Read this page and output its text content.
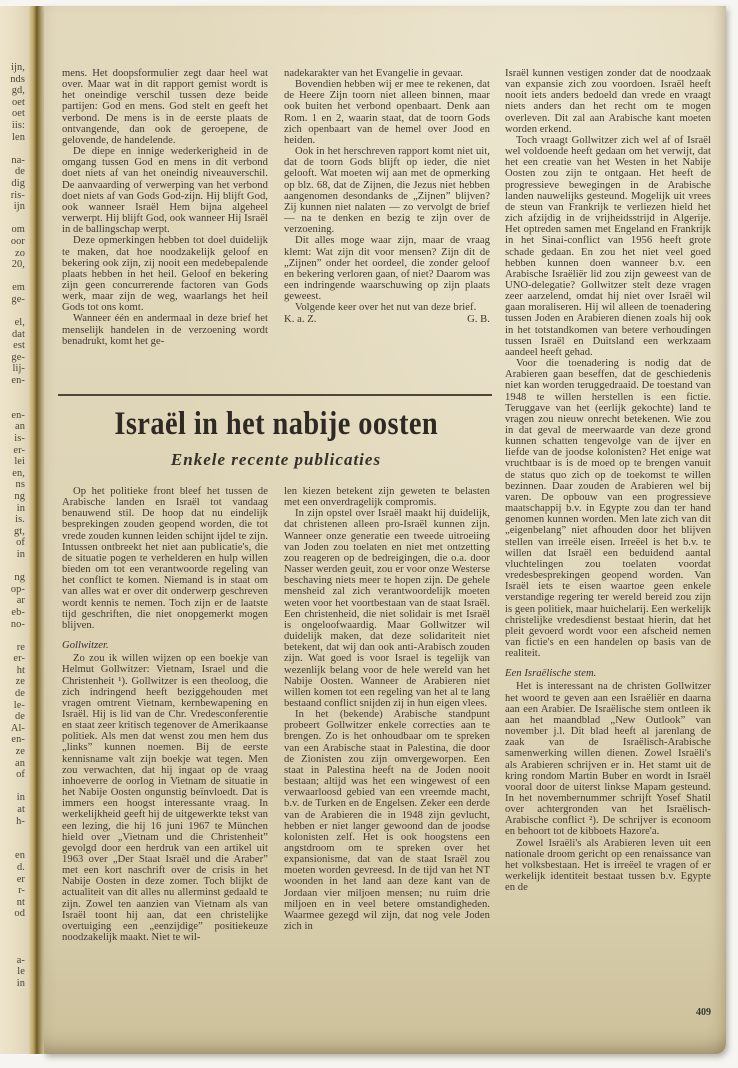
ijn,
nds
gd,
oet
oet
iis:
len

na-
de
dig
ris-
ijn

om
oor
zo
20,

em
ge-

el,
dat
est
ge-
lij-
en-

en-
an
is-
er-
lei
en,
ns
ng
in
is.
gt,
of
in

ng
op-
ar
eb-
no-

re
er-
ht
ze
de
le-
de
Al-
en-
ze
an
of

in
at
h-

en
d.
er
r-
nt
od

a-
le
in

mens. Het doopsformulier zegt daar heel wat over. Maar wat in dit rapport gemist wordt is het oneindige verschil tussen deze beide partijen: God en mens. God stelt en geeft het verbond. De mens is in de eerste plaats de ontvangende, dan ook de geroepene, de gelovende, de handelende.

De diepe en innige wederkerigheid in de omgang tussen God en mens in dit verbond doet niets af van het oneindig niveauverschil. De aanvaarding of verwerping van het verbond doet niets af van Gods God-zijn. Hij blijft God, ook wanneer Israël Hem bijna algeheel verwerpt. Hij blijft God, ook wanneer Hij Israël in de ballingschap werpt.

Deze opmerkingen hebben tot doel duidelijk te maken, dat hoe noodzakelijk geloof en bekering ook zijn, zij nooit een medebepalende plaats hebben in het heil. Geloof en bekering zijn geen concurrerende factoren van Gods werk, maar zijn de weg, waarlangs het heil Gods tot ons komt.

Wanneer één en andermaal in deze brief het menselijk handelen in de verzoening wordt benadrukt, komt het ge-

nadekarakter van het Evangelie in gevaar.

Bovendien hebben wij er mee te rekenen, dat de Heere Zijn toorn niet alleen binnen, maar ook buiten het verbond openbaart. Denk aan Rom. 1 en 2, waarin staat, dat de toorn Gods zich openbaart van de hemel over Jood en heiden.

Ook in het herschreven rapport komt niet uit, dat de toorn Gods blijft op ieder, die niet gelooft. Wat moeten wij aan met de opmerking op blz. 68, dat de Zijnen, die Jezus niet hebben aangenomen desondanks de „Zijnen” blijven? Zij kunnen niet nalaten — zo vervolgt de brief — na te denken en bezig te zijn over de verzoening.

Dit alles moge waar zijn, maar de vraag klemt: Wat zijn dit voor mensen? Zijn dit de „Zijnen” onder het oordeel, die zonder geloof en bekering verloren gaan, of niet? Daarom was een indringende waarschuwing op zijn plaats geweest.

Volgende keer over het nut van deze brief.

K. a. Z.	G. B.
Israël in het nabije oosten
Enkele recente publicaties

Op het politieke front bleef het tussen de Arabische landen en Israël tot vandaag benauwend stil. De hoop dat nu eindelijk besprekingen zouden geopend worden, die tot vrede zouden kunnen leiden schijnt ijdel te zijn. Intussen ontbreekt het niet aan publicatie's, die de situatie pogen te verhelderen en hulp willen bieden om tot een verantwoorde regeling van het conflict te komen. Niemand is in staat om van alles wat er over dit onderwerp geschreven wordt kennis te nemen. Toch zijn er de laatste tijd geschriften, die niet onopgemerkt mogen blijven.

Gollwitzer.

Zo zou ik willen wijzen op een boekje van Helmut Gollwitzer: Vietnam, Israel und die Christenheit ¹). Gollwitzer is een theoloog, die zich indringend heeft beziggehouden met vragen omtrent Vietnam, kernbewapening en Israël. Hij is lid van de Chr. Vredesconferentie en staat zeer kritisch tegenover de Amerikaanse politiek. Als men dat wenst zou men hem dus „links” kunnen noemen. Bij de eerste kennisname valt zijn boekje wat tegen. Men zou verwachten, dat hij ingaat op de vraag inhoeverre de oorlog in Vietnam de situatie in het Nabije Oosten ongunstig beïnvloedt. Dat is immers een hoogst interessante vraag. In werkelijkheid geeft hij de uitgewerkte tekst van een lezing, die hij 16 juni 1967 te München hield over „Vietnam und die Christenheit” gevolgd door een herdruk van een artikel uit 1963 over „Der Staat Israël und die Araber” met een kort naschrift over de crisis in het Nabije Oosten in deze zomer. Toch blijkt de actualiteit van dit alles nu allerminst gedaald te zijn. Zowel ten aanzien van Vietnam als van Israël toont hij aan, dat een christelijke overtuiging een „eenzijdige” positiekeuze noodzakelijk maakt. Niet te wil-

len kiezen betekent zijn geweten te belasten met een onverdragelijk compromis.

In zijn opstel over Israël maakt hij duidelijk, dat christenen alleen pro-Israël kunnen zijn. Wanneer onze generatie een tweede uitroeiing van Joden zou toelaten en niet met ontzetting zou reageren op de bedreigingen, die o.a. door Nasser werden geuit, zou er voor onze Westerse beschaving niets meer te hopen zijn. De gehele mensheid zal zich verantwoordelijk moeten weten voor het voortbestaan van de staat Israël. Een christenheid, die niet solidair is met Israël is ongeloofwaardig. Maar Gollwitzer wil duidelijk maken, dat deze solidariteit niet betekent, dat wij dan ook anti-Arabisch zouden zijn. Wat goed is voor Israel is tegelijk van wezenlijk belang voor de hele wereld van het Nabije Oosten. Wanneer de Arabieren niet willen komen tot een regeling van het al te lang bestaand conflict snijden zij in hun eigen vlees.

In het (bekende) Arabische standpunt probeert Gollwitzer enkele correcties aan te brengen. Zo is het onhoudbaar om te spreken van een Arabische staat in Palestina, die door de Zionisten zou zijn omvergeworpen. Een staat in Palestina heeft na de Joden nooit bestaan; altijd was het een wingewest of een verwaarloosd gebied van een vreemde macht, b.v. de Turken en de Engelsen. Zeker een derde van de Arabieren die in 1948 zijn gevlucht, hebben er niet langer gewoond dan de joodse kolonisten zelf. Het is ook hoogstens een angstdroom om te spreken over het expansionisme, dat van de staat Israël zou moeten worden gevreesd. In de tijd van het NT woonden in het land aan deze kant van de Jordaan vier miljoen mensen; nu ruim drie miljoen en in veel betere omstandigheden. Waarmee gezegd wil zijn, dat nog vele Joden zich in

Israël kunnen vestigen zonder dat de noodzaak van expansie zich zou voordoen. Israël heeft nooit iets anders bedoeld dan vrede en vraagt niets anders dan het recht om te mogen overleven. Dit zal aan Arabische kant moeten worden erkend.

Toch vraagt Gollwitzer zich wel af of Israël wel voldoende heeft gedaan om het verwijt, dat het een creatie van het Westen in het Nabije Oosten zou zijn te ontgaan. Het heeft de progressieve bewegingen in de Arabische landen nauwelijks gesteund. Mogelijk uit vrees de steun van Frankrijk te verliezen hield het zich afzijdig in de vrijheidsstrijd in Algerije. Het optreden samen met Engeland en Frankrijk in het Sinai-conflict van 1956 heeft grote schade gedaan. En zou het niet veel goed hebben kunnen doen wanneer b.v. een Arabische Israëliër lid zou zijn geweest van de UNO-delegatie? Gollwitzer stelt deze vragen zeer aarzelend, omdat hij niet over Israël wil gaan moraliseren. Hij wil alleen de toenadering tussen Joden en Arabieren dienen zoals hij ook in het totstandkomen van betere verhoudingen tussen Israël en Duitsland een werkzaam aandeel heeft gehad.

Voor die toenadering is nodig dat de Arabieren gaan beseffen, dat de geschiedenis niet kan worden teruggedraaid. De toestand van 1948 te willen herstellen is een fictie. Teruggave van het (eerlijk gekochte) land te vragen zou nieuw onrecht betekenen. Wie zou in dat geval de meerwaarde van deze grond kunnen schatten tengevolge van de ijver en liefde van de joodse kolonisten? Het enige wat vruchtbaar is is de moed op te brengen vanuit de status quo zich op de toekomst te willen bezinnen. Daar zouden de Arabieren wel bij varen. De opbouw van een progressieve maatschappij b.v. in Egypte zou dan ter hand genomen kunnen worden. Men late zich van dit „eigenbelang” niet afhouden door het blijven stellen van irreële eisen. Irreëel is het b.v. te willen dat Israël een beduidend aantal vluchtelingen zou toelaten voordat vredesbesprekingen geopend worden. Van Israël iets te eisen waartoe geen enkele verstandige regering ter wereld bereid zou zijn is geen politiek, maar huichelarij. Een werkelijk christelijke vredesdienst bestaat hierin, dat het pleit gevoerd wordt voor een afscheid nemen van fictie's en een handelen op basis van de realiteit.

Een Israëlische stem.

Het is interessant na de christen Gollwitzer het woord te geven aan een Israëliër en daarna aan een Arabier. De Israëlische stem ontleen ik aan het maandblad „New Outlook” van november j.l. Dit blad heeft al jarenlang de zaak van de Israëlisch-Arabische samenwerking willen dienen. Zowel Israëli's als Arabieren schrijven er in. Het stamt uit de kring rondom Martin Buber en wordt in Israël vooral door de uiterst linkse Mapam gesteund. In het novembernummer schrijft Yosef Shatil over achtergronden van het Israëlisch-Arabische conflict ²). De schrijver is econoom en behoort tot de kibboets Hazore'a.

Zowel Israëli's als Arabieren leven uit een nationale droom gericht op een renaissance van het volksbestaan. Het is irreëel te vragen of er werkelijk identiteit bestaat tussen b.v. Egypte en de

409
